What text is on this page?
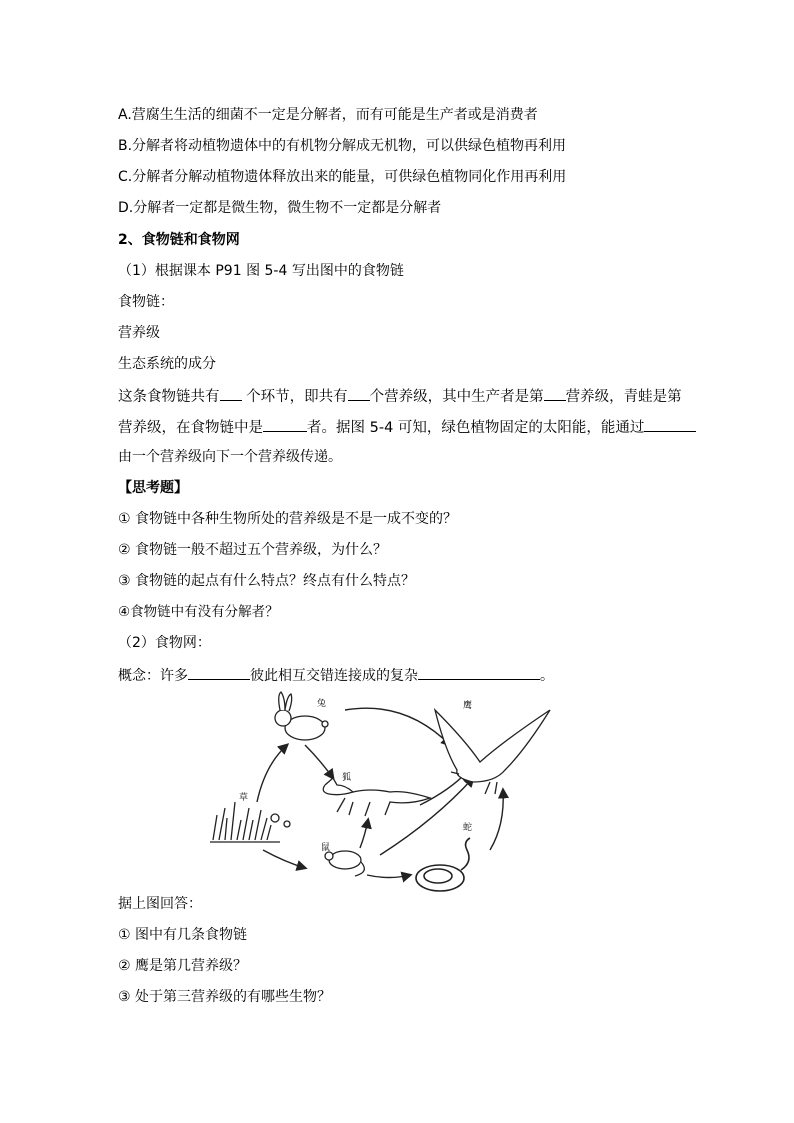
A.营腐生生活的细菌不一定是分解者，而有可能是生产者或是消费者
B.分解者将动植物遗体中的有机物分解成无机物，可以供绿色植物再利用
C.分解者分解动植物遗体释放出来的能量，可供绿色植物同化作用再利用
D.分解者一定都是微生物，微生物不一定都是分解者
2、食物链和食物网
（1）根据课本 P91 图 5-4 写出图中的食物链
食物链：
营养级
生态系统的成分
这条食物链共有 个环节，即共有 个营养级，其中生产者是第 营养级，青蛙是第
营养级，在食物链中是	者。据图 5-4 可知，绿色植物固定的太阳能，能通过
由一个营养级向下一个营养级传递。
【思考题】
① 食物链中各种生物所处的营养级是不是一成不变的？
② 食物链一般不超过五个营养级，为什么？
③ 食物链的起点有什么特点？终点有什么特点？
④食物链中有没有分解者？
（2）食物网：
概念：许多	彼此相互交错连接成的复杂	。
兔	鹰
狐
草
鼠
蛇
据上图回答：
① 图中有几条食物链
② 鹰是第几营养级？
③ 处于第三营养级的有哪些生物？
